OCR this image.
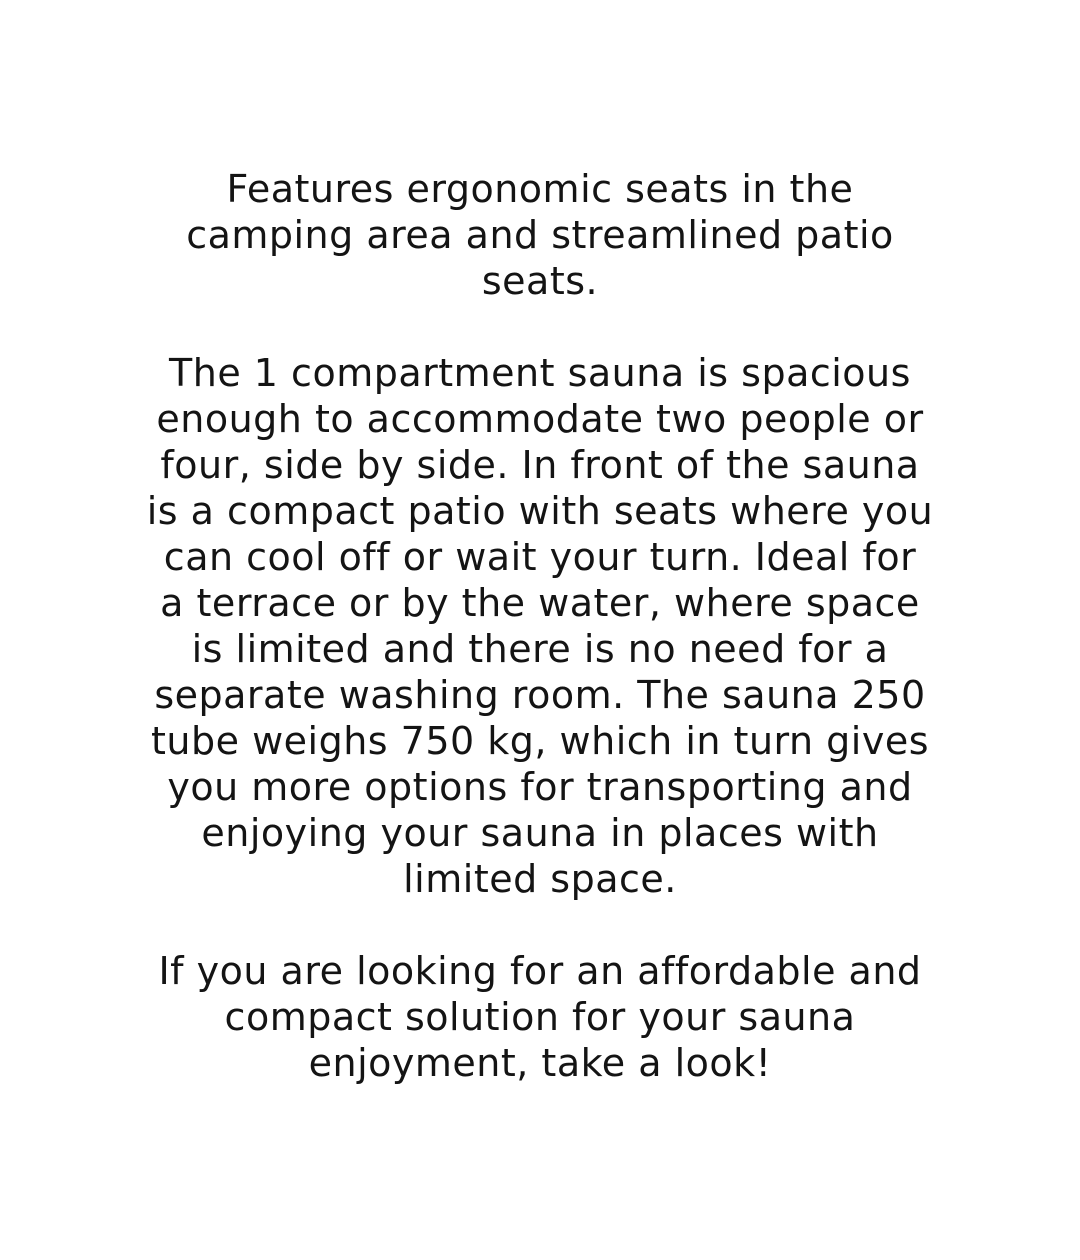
Features ergonomic seats in the
camping area and streamlined patio
seats.

The 1 compartment sauna is spacious
enough to accommodate two people or
four, side by side. In front of the sauna
is a compact patio with seats where you
can cool off or wait your turn. Ideal for
a terrace or by the water, where space
is limited and there is no need for a
separate washing room. The sauna 250
tube weighs 750 kg, which in turn gives
you more options for transporting and
enjoying your sauna in places with
limited space.

If you are looking for an affordable and
compact solution for your sauna
enjoyment, take a look!
